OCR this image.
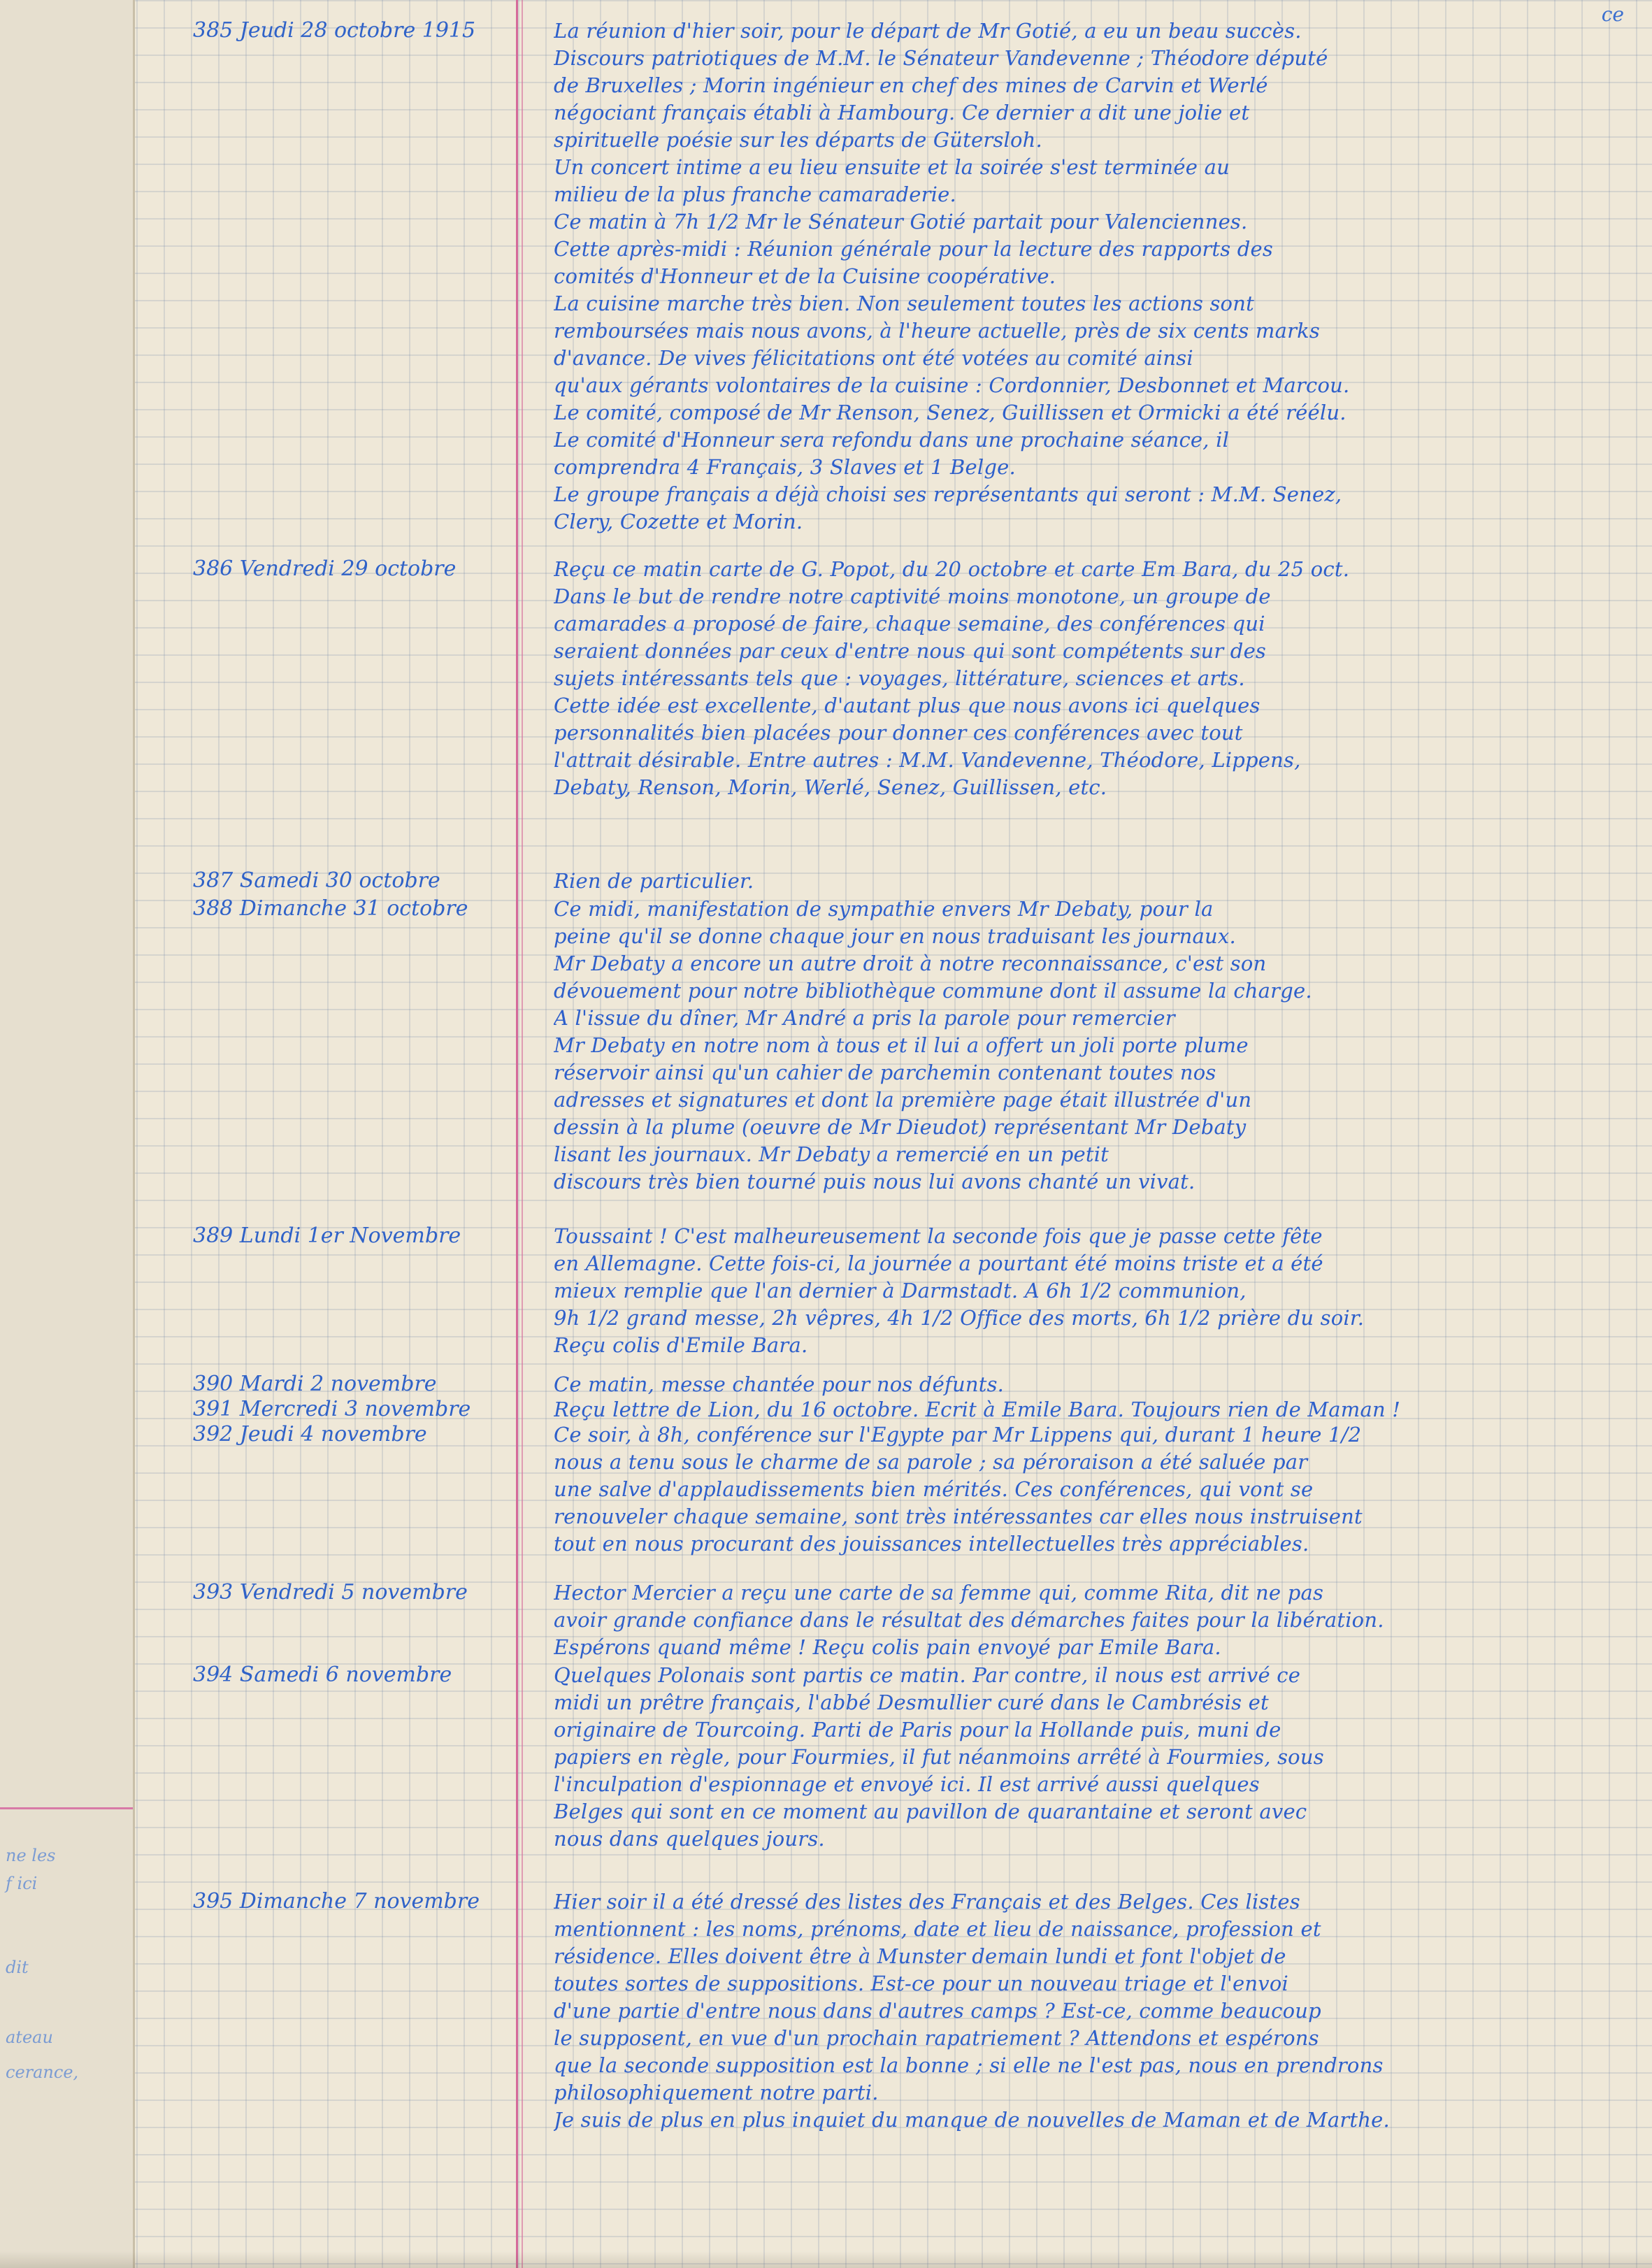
ne les
f ici
dit
ateau
cerance,
ce
385 Jeudi 28 octobre 1915	La réunion d'hier soir, pour le départ de Mr Gotié, a eu un beau succès.
Discours patriotiques de M.M. le Sénateur Vandevenne ; Théodore député
de Bruxelles ; Morin ingénieur en chef des mines de Carvin et Werlé
négociant français établi à Hambourg. Ce dernier a dit une jolie et
spirituelle poésie sur les départs de Gütersloh.
Un concert intime a eu lieu ensuite et la soirée s'est terminée au
milieu de la plus franche camaraderie.
Ce matin à 7h 1/2 Mr le Sénateur Gotié partait pour Valenciennes.
Cette après-midi : Réunion générale pour la lecture des rapports des
comités d'Honneur et de la Cuisine coopérative.
La cuisine marche très bien. Non seulement toutes les actions sont
remboursées mais nous avons, à l'heure actuelle, près de six cents marks
d'avance. De vives félicitations ont été votées au comité ainsi
qu'aux gérants volontaires de la cuisine : Cordonnier, Desbonnet et Marcou.
Le comité, composé de Mr Renson, Senez, Guillissen et Ormicki a été réélu.
Le comité d'Honneur sera refondu dans une prochaine séance, il
comprendra 4 Français, 3 Slaves et 1 Belge.
Le groupe français a déjà choisi ses représentants qui seront : M.M. Senez,
Clery, Cozette et Morin.
386 Vendredi 29 octobre	Reçu ce matin carte de G. Popot, du 20 octobre et carte Em Bara, du 25 oct.
Dans le but de rendre notre captivité moins monotone, un groupe de
camarades a proposé de faire, chaque semaine, des conférences qui
seraient données par ceux d'entre nous qui sont compétents sur des
sujets intéressants tels que : voyages, littérature, sciences et arts.
Cette idée est excellente, d'autant plus que nous avons ici quelques
personnalités bien placées pour donner ces conférences avec tout
l'attrait désirable. Entre autres : M.M. Vandevenne, Théodore, Lippens,
Debaty, Renson, Morin, Werlé, Senez, Guillissen, etc.
387 Samedi 30 octobre	Rien de particulier.
388 Dimanche 31 octobre	Ce midi, manifestation de sympathie envers Mr Debaty, pour la
peine qu'il se donne chaque jour en nous traduisant les journaux.
Mr Debaty a encore un autre droit à notre reconnaissance, c'est son
dévouement pour notre bibliothèque commune dont il assume la charge.
A l'issue du dîner, Mr André a pris la parole pour remercier
Mr Debaty en notre nom à tous et il lui a offert un joli porte plume
réservoir ainsi qu'un cahier de parchemin contenant toutes nos
adresses et signatures et dont la première page était illustrée d'un
dessin à la plume (oeuvre de Mr Dieudot) représentant Mr Debaty
lisant les journaux. Mr Debaty a remercié en un petit
discours très bien tourné puis nous lui avons chanté un vivat.
389 Lundi 1er Novembre	Toussaint ! C'est malheureusement la seconde fois que je passe cette fête
en Allemagne. Cette fois-ci, la journée a pourtant été moins triste et a été
mieux remplie que l'an dernier à Darmstadt. A 6h 1/2 communion,
9h 1/2 grand messe, 2h vêpres, 4h 1/2 Office des morts, 6h 1/2 prière du soir.
Reçu colis d'Emile Bara.
390 Mardi 2 novembre	Ce matin, messe chantée pour nos défunts.
391 Mercredi 3 novembre	Reçu lettre de Lion, du 16 octobre. Ecrit à Emile Bara. Toujours rien de Maman !
392 Jeudi 4 novembre	Ce soir, à 8h, conférence sur l'Egypte par Mr Lippens qui, durant 1 heure 1/2
nous a tenu sous le charme de sa parole ; sa péroraison a été saluée par
une salve d'applaudissements bien mérités. Ces conférences, qui vont se
renouveler chaque semaine, sont très intéressantes car elles nous instruisent
tout en nous procurant des jouissances intellectuelles très appréciables.
393 Vendredi 5 novembre	Hector Mercier a reçu une carte de sa femme qui, comme Rita, dit ne pas
avoir grande confiance dans le résultat des démarches faites pour la libération.
Espérons quand même ! Reçu colis pain envoyé par Emile Bara.
394 Samedi 6 novembre	Quelques Polonais sont partis ce matin. Par contre, il nous est arrivé ce
midi un prêtre français, l'abbé Desmullier curé dans le Cambrésis et
originaire de Tourcoing. Parti de Paris pour la Hollande puis, muni de
papiers en règle, pour Fourmies, il fut néanmoins arrêté à Fourmies, sous
l'inculpation d'espionnage et envoyé ici. Il est arrivé aussi quelques
Belges qui sont en ce moment au pavillon de quarantaine et seront avec
nous dans quelques jours.
395 Dimanche 7 novembre	Hier soir il a été dressé des listes des Français et des Belges. Ces listes
mentionnent : les noms, prénoms, date et lieu de naissance, profession et
résidence. Elles doivent être à Munster demain lundi et font l'objet de
toutes sortes de suppositions. Est-ce pour un nouveau triage et l'envoi
d'une partie d'entre nous dans d'autres camps ? Est-ce, comme beaucoup
le supposent, en vue d'un prochain rapatriement ? Attendons et espérons
que la seconde supposition est la bonne ; si elle ne l'est pas, nous en prendrons
philosophiquement notre parti.
Je suis de plus en plus inquiet du manque de nouvelles de Maman et de Marthe.
